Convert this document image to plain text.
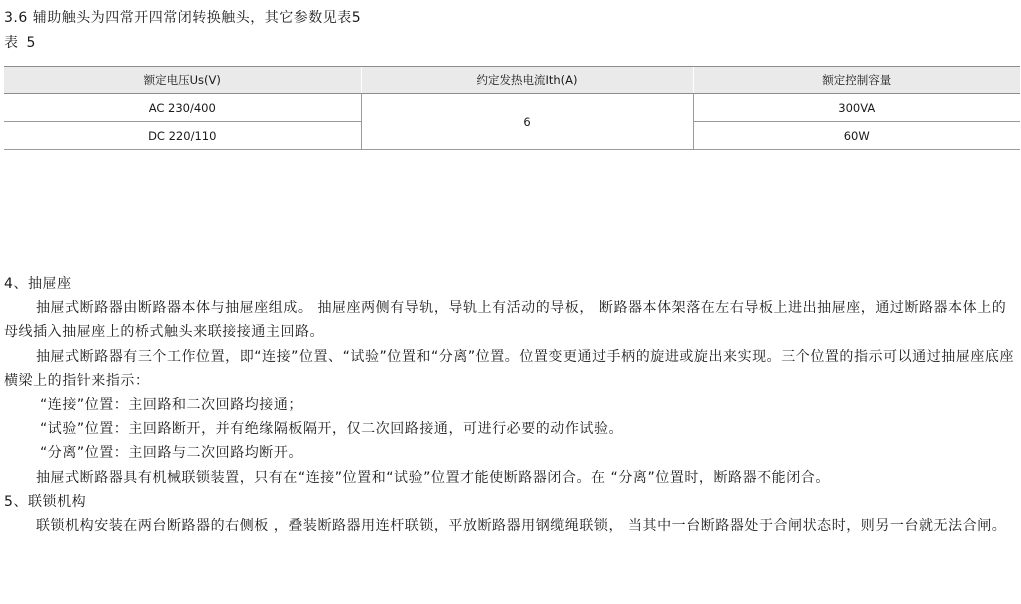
3.6 辅助触头为四常开四常闭转换触头，其它参数见表5
表 5
额定电压Us(V)	约定发热电流Ith(A)	额定控制容量
AC 230/400	6	300VA
DC 220/110		60W

4、抽屉座

抽屉式断路器由断路器本体与抽屉座组成。 抽屉座两侧有导轨，导轨上有活动的导板， 断路器本体架落在左右导板上进出抽屉座，通过断路器本体上的母线插入抽屉座上的桥式触头来联接接通主回路。

抽屉式断路器有三个工作位置，即“连接”位置、“试验”位置和“分离”位置。位置变更通过手柄的旋进或旋出来实现。三个位置的指示可以通过抽屉座底座横梁上的指针来指示：

“连接”位置：主回路和二次回路均接通；

“试验”位置：主回路断开，并有绝缘隔板隔开，仅二次回路接通，可进行必要的动作试验。

“分离”位置：主回路与二次回路均断开。

抽屉式断路器具有机械联锁装置，只有在“连接”位置和“试验”位置才能使断路器闭合。在 “分离”位置时，断路器不能闭合。

5、联锁机构

联锁机构安装在两台断路器的右侧板 ，叠装断路器用连杆联锁，平放断路器用钢缆绳联锁， 当其中一台断路器处于合闸状态时，则另一台就无法合闸。
